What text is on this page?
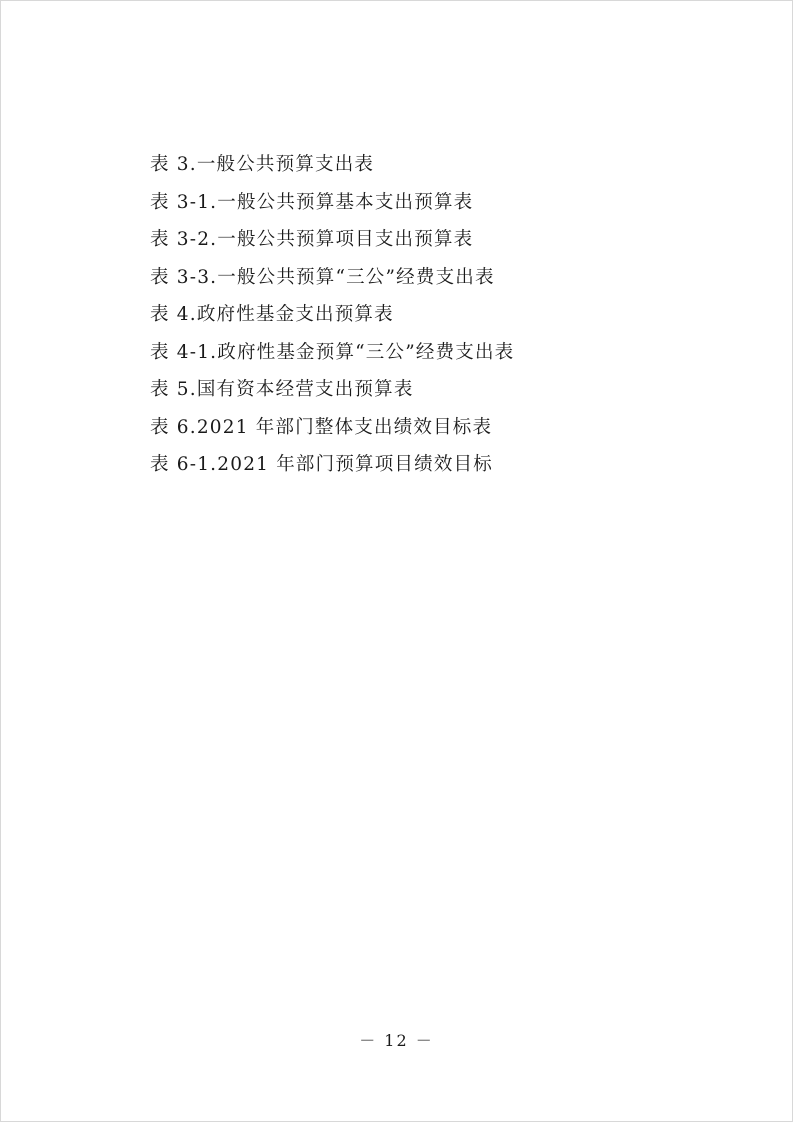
表 3.一般公共预算支出表
表 3-1.一般公共预算基本支出预算表
表 3-2.一般公共预算项目支出预算表
表 3-3.一般公共预算“三公”经费支出表
表 4.政府性基金支出预算表
表 4-1.政府性基金预算“三公”经费支出表
表 5.国有资本经营支出预算表
表 6.2021 年部门整体支出绩效目标表
表 6-1.2021 年部门预算项目绩效目标
－ 12 －
